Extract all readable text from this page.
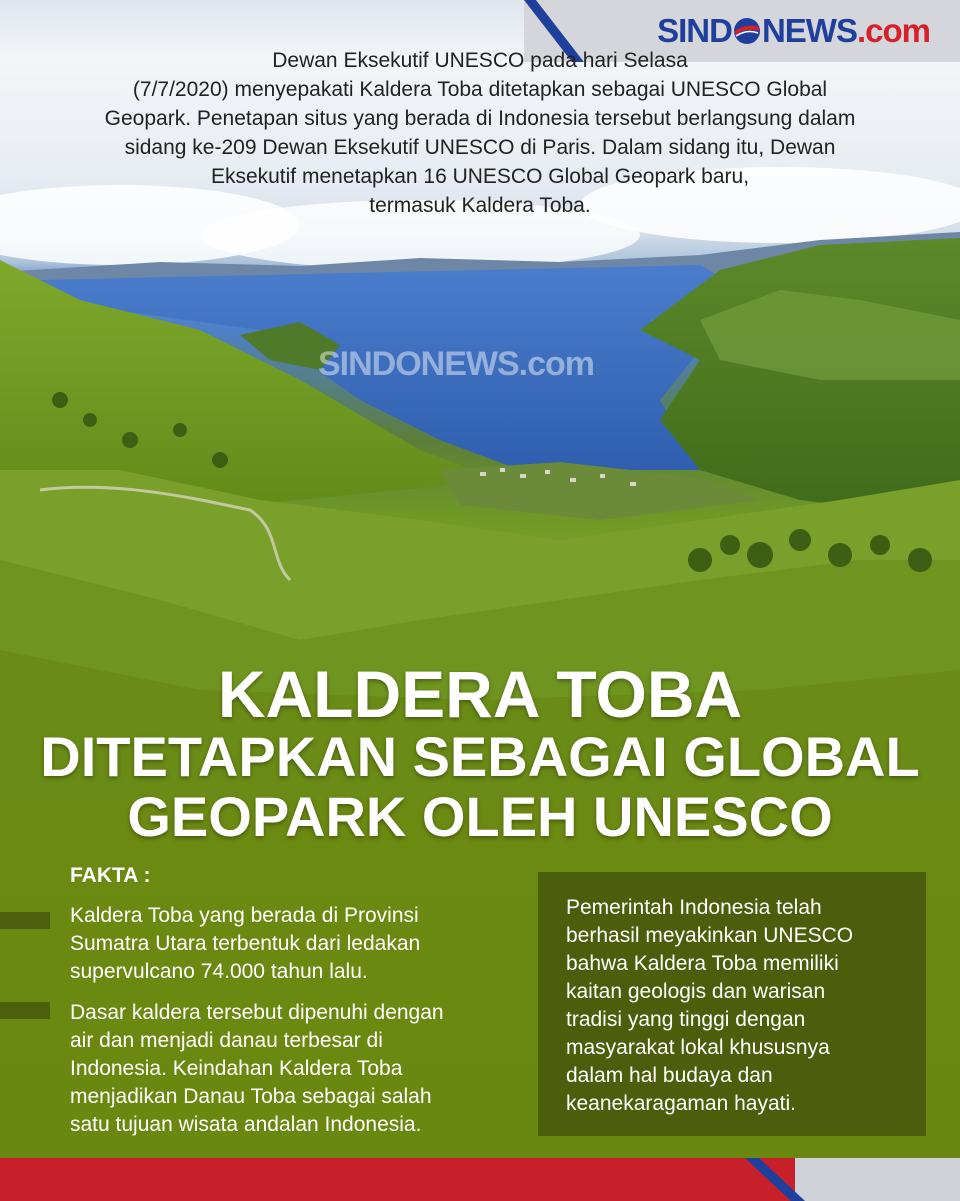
SIND NEWS.com

Dewan Eksekutif UNESCO pada hari Selasa

(7/7/2020) menyepakati Kaldera Toba ditetapkan sebagai UNESCO Global

Geopark. Penetapan situs yang berada di Indonesia tersebut berlangsung dalam

sidang ke-209 Dewan Eksekutif UNESCO di Paris. Dalam sidang itu, Dewan

Eksekutif menetapkan 16 UNESCO Global Geopark baru,

termasuk Kaldera Toba.

SINDONEWS.com
KALDERA TOBA
DITETAPKAN SEBAGAI GLOBAL
GEOPARK OLEH UNESCO
FAKTA :
Kaldera Toba yang berada di Provinsi
Sumatra Utara terbentuk dari ledakan
supervulcano 74.000 tahun lalu.
Dasar kaldera tersebut dipenuhi dengan
air dan menjadi danau terbesar di
Indonesia. Keindahan Kaldera Toba
menjadikan Danau Toba sebagai salah
satu tujuan wisata andalan Indonesia.
Pemerintah Indonesia telah
berhasil meyakinkan UNESCO
bahwa Kaldera Toba memiliki
kaitan geologis dan warisan
tradisi yang tinggi dengan
masyarakat lokal khususnya
dalam hal budaya dan
keanekaragaman hayati.
